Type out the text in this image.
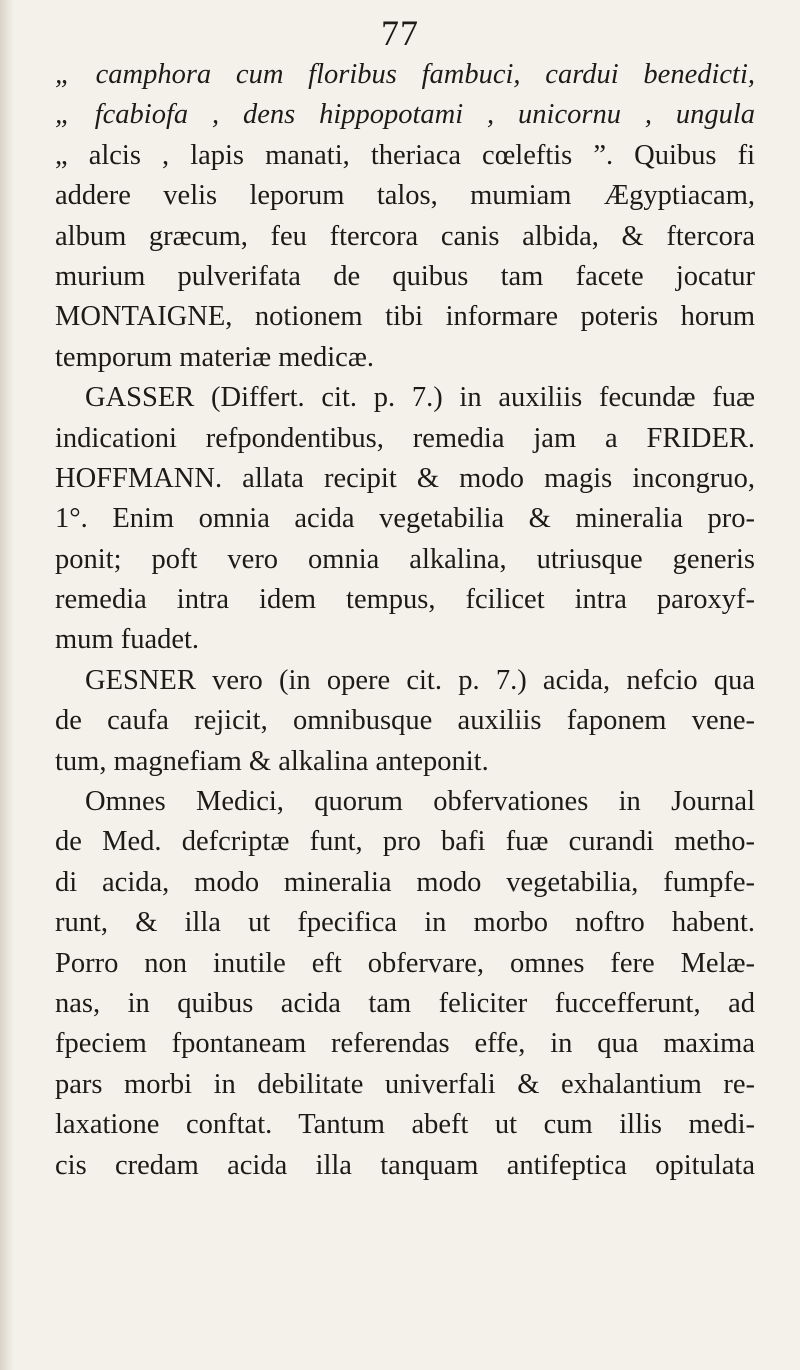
77
„ camphora cum floribus fambuci, cardui benedicti,
„ fcabiofa , dens hippopotami , unicornu , ungula
„ alcis , lapis manati, theriaca cœleftis ”. Quibus fi
addere velis leporum talos, mumiam Ægyptiacam,
album græcum, feu ftercora canis albida, & ftercora
murium pulverifata de quibus tam facete jocatur
MONTAIGNE, notionem tibi informare poteris horum
temporum materiæ medicæ.
GASSER (Differt. cit. p. 7.) in auxiliis fecundæ fuæ
indicationi refpondentibus, remedia jam a FRIDER.
HOFFMANN. allata recipit & modo magis incongruo,
1°. Enim omnia acida vegetabilia & mineralia pro-
ponit; poft vero omnia alkalina, utriusque generis
remedia intra idem tempus, fcilicet intra paroxyf-
mum fuadet.
GESNER vero (in opere cit. p. 7.) acida, nefcio qua
de caufa rejicit, omnibusque auxiliis faponem vene-
tum, magnefiam & alkalina anteponit.
Omnes Medici, quorum obfervationes in Journal
de Med. defcriptæ funt, pro bafi fuæ curandi metho-
di acida, modo mineralia modo vegetabilia, fumpfe-
runt, & illa ut fpecifica in morbo noftro habent.
Porro non inutile eft obfervare, omnes fere Melæ-
nas, in quibus acida tam feliciter fuccefferunt, ad
fpeciem fpontaneam referendas effe, in qua maxima
pars morbi in debilitate univerfali & exhalantium re-
laxatione conftat. Tantum abeft ut cum illis medi-
cis credam acida illa tanquam antifeptica opitulata
